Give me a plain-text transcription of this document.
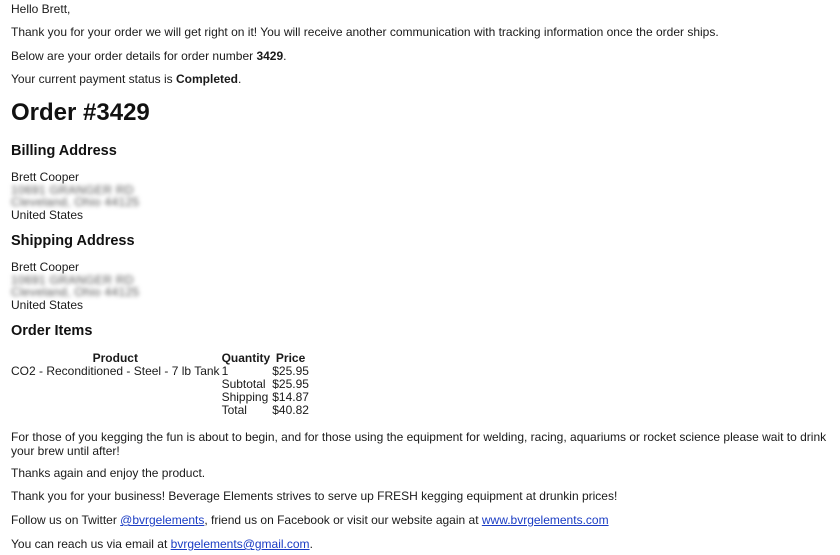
Hello Brett,

Thank you for your order we will get right on it! You will receive another communication with tracking information once the order ships.

Below are your order details for order number 3429.

Your current payment status is Completed.

Order #3429
Billing Address
Brett Cooper
10691 GRANGER RD
Cleveland, Ohio 44125
United States
Shipping Address
Brett Cooper
10691 GRANGER RD
Cleveland, Ohio 44125
United States
Order Items
Product	Quantity	Price
CO2 - Reconditioned - Steel - 7 lb Tank	1	$25.95
	Subtotal	$25.95
	Shipping	$14.87
	Total	$40.82

For those of you kegging the fun is about to begin, and for those using the equipment for welding, racing, aquariums or rocket science please wait to drink your brew until after!

Thanks again and enjoy the product.

Thank you for your business! Beverage Elements strives to serve up FRESH kegging equipment at drunkin prices!

Follow us on Twitter @bvrgelements, friend us on Facebook or visit our website again at www.bvrgelements.com

You can reach us via email at bvrgelements@gmail.com.
